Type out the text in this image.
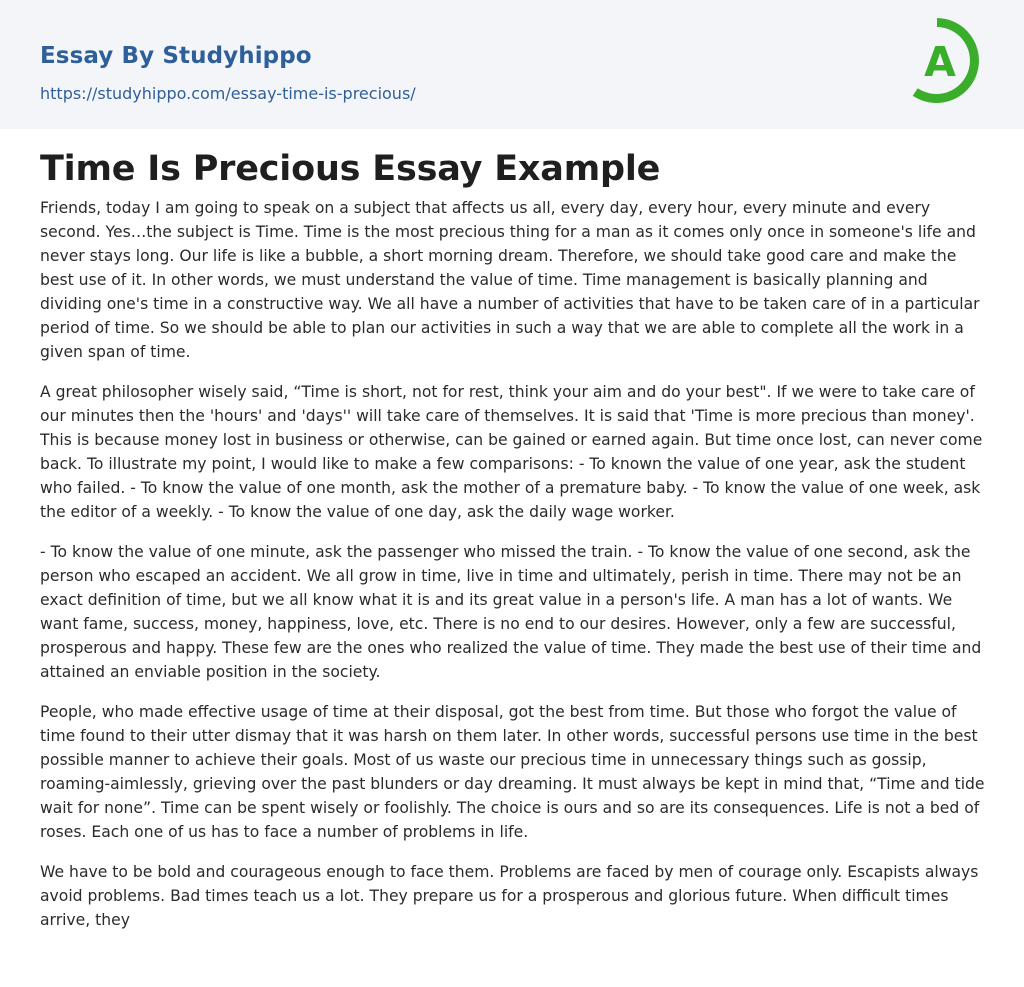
Essay By Studyhippo
https://studyhippo.com/essay-time-is-precious/
A
Time Is Precious Essay Example

Friends, today I am going to speak on a subject that affects us all, every day, every hour, every minute and every second. Yes…the subject is Time. Time is the most precious thing for a man as it comes only once in someone's life and never stays long. Our life is like a bubble, a short morning dream. Therefore, we should take good care and make the best use of it. In other words, we must understand the value of time. Time management is basically planning and dividing one's time in a constructive way. We all have a number of activities that have to be taken care of in a particular period of time. So we should be able to plan our activities in such a way that we are able to complete all the work in a given span of time.

A great philosopher wisely said, “Time is short, not for rest, think your aim and do your best". If we were to take care of our minutes then the 'hours' and 'days'' will take care of themselves. It is said that 'Time is more precious than money'. This is because money lost in business or otherwise, can be gained or earned again. But time once lost, can never come back. To illustrate my point, I would like to make a few comparisons: - To known the value of one year, ask the student who failed. - To know the value of one month, ask the mother of a premature baby. - To know the value of one week, ask the editor of a weekly. - To know the value of one day, ask the daily wage worker.

- To know the value of one minute, ask the passenger who missed the train. - To know the value of one second, ask the person who escaped an accident. We all grow in time, live in time and ultimately, perish in time. There may not be an exact definition of time, but we all know what it is and its great value in a person's life. A man has a lot of wants. We want fame, success, money, happiness, love, etc. There is no end to our desires. However, only a few are successful, prosperous and happy. These few are the ones who realized the value of time. They made the best use of their time and attained an enviable position in the society.

People, who made effective usage of time at their disposal, got the best from time. But those who forgot the value of time found to their utter dismay that it was harsh on them later. In other words, successful persons use time in the best possible manner to achieve their goals. Most of us waste our precious time in unnecessary things such as gossip, roaming-aimlessly, grieving over the past blunders or day dreaming. It must always be kept in mind that, “Time and tide wait for none”. Time can be spent wisely or foolishly. The choice is ours and so are its consequences. Life is not a bed of roses. Each one of us has to face a number of problems in life.

We have to be bold and courageous enough to face them. Problems are faced by men of courage only. Escapists always avoid problems. Bad times teach us a lot. They prepare us for a prosperous and glorious future. When difficult times arrive, they
